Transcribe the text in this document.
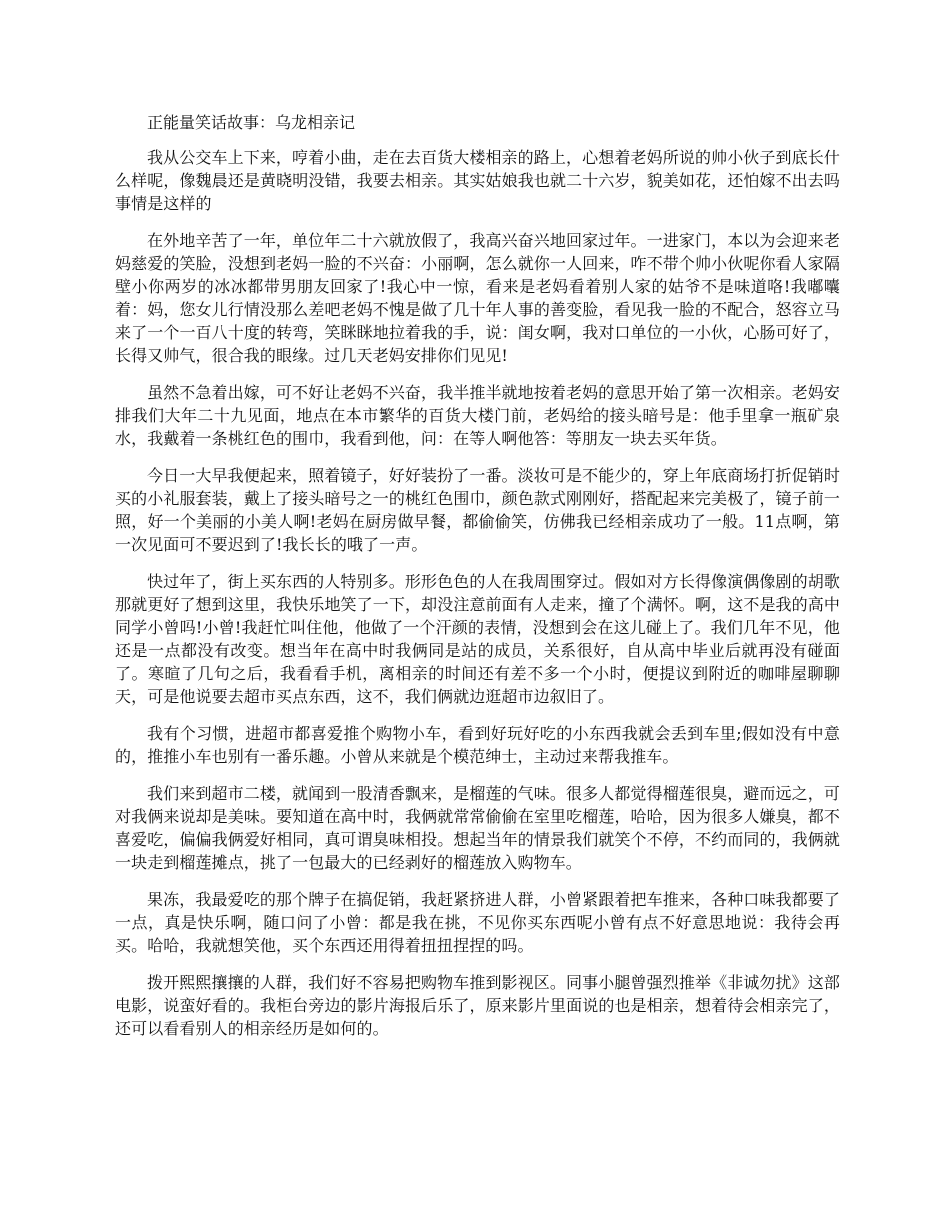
正能量笑话故事：乌龙相亲记

我从公交车上下来，哼着小曲，走在去百货大楼相亲的路上，心想着老妈所说的帅小伙子到底长什么样呢，像魏晨还是黄晓明没错，我要去相亲。其实姑娘我也就二十六岁，貌美如花，还怕嫁不出去吗事情是这样的

在外地辛苦了一年，单位年二十六就放假了，我高兴奋兴地回家过年。一进家门，本以为会迎来老妈慈爱的笑脸，没想到老妈一脸的不兴奋：小丽啊，怎么就你一人回来，咋不带个帅小伙呢你看人家隔壁小你两岁的冰冰都带男朋友回家了!我心中一惊，看来是老妈看着别人家的姑爷不是味道咯!我嘟囔着：妈，您女儿行情没那么差吧老妈不愧是做了几十年人事的善变脸，看见我一脸的不配合，怒容立马来了一个一百八十度的转弯，笑眯眯地拉着我的手，说：闺女啊，我对口单位的一小伙，心肠可好了，长得又帅气，很合我的眼缘。过几天老妈安排你们见见!

虽然不急着出嫁，可不好让老妈不兴奋，我半推半就地按着老妈的意思开始了第一次相亲。老妈安排我们大年二十九见面，地点在本市繁华的百货大楼门前，老妈给的接头暗号是：他手里拿一瓶矿泉水，我戴着一条桃红色的围巾，我看到他，问：在等人啊他答：等朋友一块去买年货。

今日一大早我便起来，照着镜子，好好装扮了一番。淡妆可是不能少的，穿上年底商场打折促销时买的小礼服套装，戴上了接头暗号之一的桃红色围巾，颜色款式刚刚好，搭配起来完美极了，镜子前一照，好一个美丽的小美人啊!老妈在厨房做早餐，都偷偷笑，仿佛我已经相亲成功了一般。11点啊，第一次见面可不要迟到了!我长长的哦了一声。

快过年了，街上买东西的人特别多。形形色色的人在我周围穿过。假如对方长得像演偶像剧的胡歌那就更好了想到这里，我快乐地笑了一下，却没注意前面有人走来，撞了个满怀。啊，这不是我的高中同学小曾吗!小曾!我赶忙叫住他，他做了一个汗颜的表情，没想到会在这儿碰上了。我们几年不见，他还是一点都没有改变。想当年在高中时我俩同是站的成员，关系很好，自从高中毕业后就再没有碰面了。寒暄了几句之后，我看看手机，离相亲的时间还有差不多一个小时，便提议到附近的咖啡屋聊聊天，可是他说要去超市买点东西，这不，我们俩就边逛超市边叙旧了。

我有个习惯，进超市都喜爱推个购物小车，看到好玩好吃的小东西我就会丢到车里;假如没有中意的，推推小车也别有一番乐趣。小曾从来就是个模范绅士，主动过来帮我推车。

我们来到超市二楼，就闻到一股清香飘来，是榴莲的气味。很多人都觉得榴莲很臭，避而远之，可对我俩来说却是美味。要知道在高中时，我俩就常常偷偷在室里吃榴莲，哈哈，因为很多人嫌臭，都不喜爱吃，偏偏我俩爱好相同，真可谓臭味相投。想起当年的情景我们就笑个不停，不约而同的，我俩就一块走到榴莲摊点，挑了一包最大的已经剥好的榴莲放入购物车。

果冻，我最爱吃的那个牌子在搞促销，我赶紧挤进人群，小曾紧跟着把车推来，各种口味我都要了一点，真是快乐啊，随口问了小曾：都是我在挑，不见你买东西呢小曾有点不好意思地说：我待会再买。哈哈，我就想笑他，买个东西还用得着扭扭捏捏的吗。

拨开熙熙攘攘的人群，我们好不容易把购物车推到影视区。同事小腿曾强烈推举《非诚勿扰》这部电影，说蛮好看的。我柜台旁边的影片海报后乐了，原来影片里面说的也是相亲，想着待会相亲完了，还可以看看别人的相亲经历是如何的。
